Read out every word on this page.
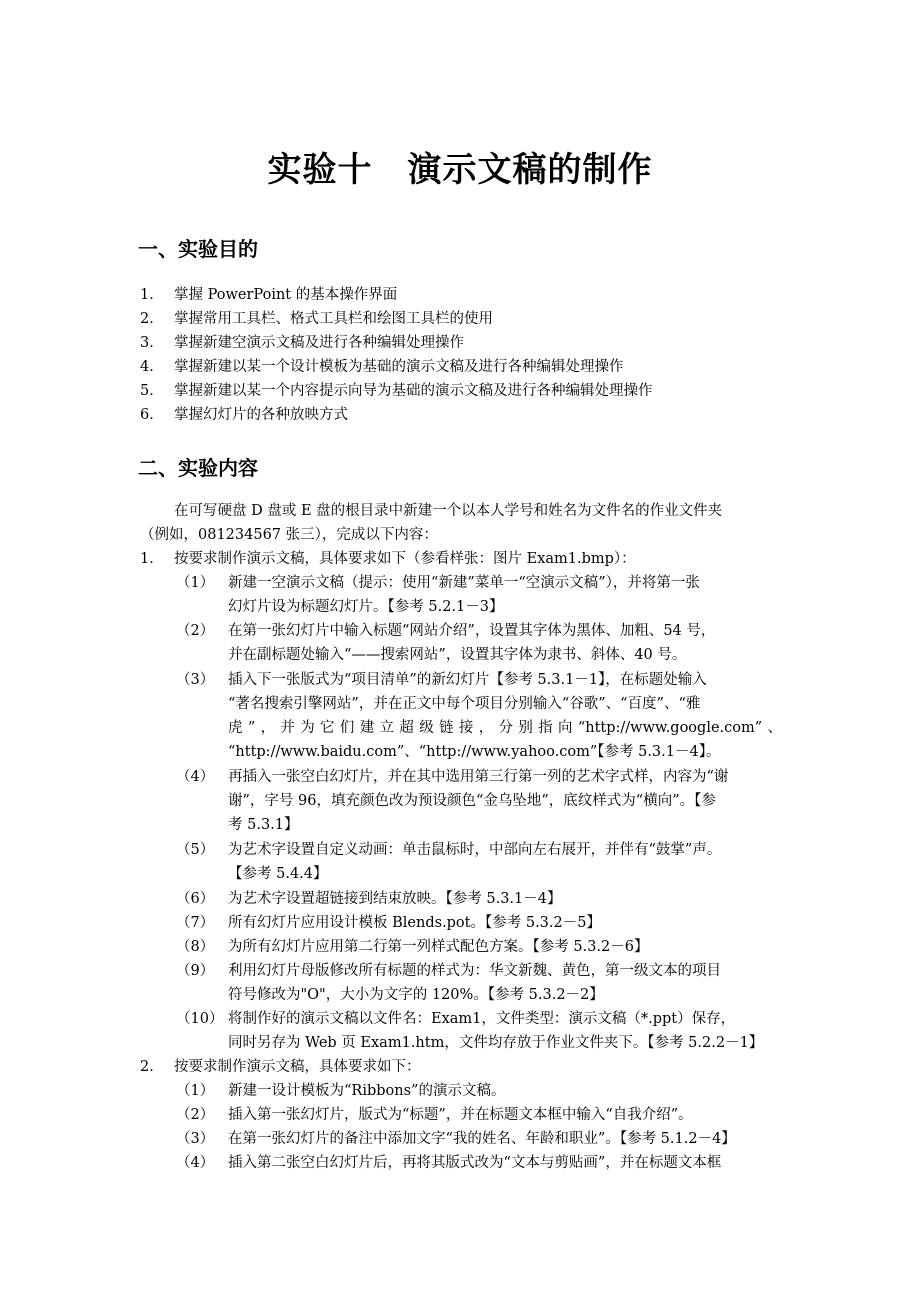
实验十　演示文稿的制作
一、实验目的
1． 掌握 PowerPoint 的基本操作界面
2． 掌握常用工具栏、格式工具栏和绘图工具栏的使用
3． 掌握新建空演示文稿及进行各种编辑处理操作
4． 掌握新建以某一个设计模板为基础的演示文稿及进行各种编辑处理操作
5． 掌握新建以某一个内容提示向导为基础的演示文稿及进行各种编辑处理操作
6． 掌握幻灯片的各种放映方式
二、实验内容
在可写硬盘 D 盘或 E 盘的根目录中新建一个以本人学号和姓名为文件名的作业文件夹
（例如，081234567 张三），完成以下内容：
1． 按要求制作演示文稿，具体要求如下（参看样张：图片 Exam1.bmp）：
（1） 新建一空演示文稿（提示：使用“新建”菜单一“空演示文稿”），并将第一张
幻灯片设为标题幻灯片。【参考 5.2.1－3】
（2） 在第一张幻灯片中输入标题“网站介绍”，设置其字体为黑体、加粗、54 号，
并在副标题处输入“——搜索网站”，设置其字体为隶书、斜体、40 号。
（3） 插入下一张版式为“项目清单”的新幻灯片【参考 5.3.1－1】，在标题处输入
“著名搜索引擎网站”，并在正文中每个项目分别输入“谷歌”、“百度”、“雅
虎”，并为它们建立超级链接，分别指向“http://www.google.com”、
“http://www.baidu.com”、“http://www.yahoo.com”【参考 5.3.1－4】。
（4） 再插入一张空白幻灯片，并在其中选用第三行第一列的艺术字式样，内容为“谢
谢”，字号 96，填充颜色改为预设颜色“金乌坠地”，底纹样式为“横向”。【参
考 5.3.1】
（5） 为艺术字设置自定义动画：单击鼠标时，中部向左右展开，并伴有“鼓掌”声。
【参考 5.4.4】
（6） 为艺术字设置超链接到结束放映。【参考 5.3.1－4】
（7） 所有幻灯片应用设计模板 Blends.pot。【参考 5.3.2－5】
（8） 为所有幻灯片应用第二行第一列样式配色方案。【参考 5.3.2－6】
（9） 利用幻灯片母版修改所有标题的样式为：华文新魏、黄色，第一级文本的项目
符号修改为"O"，大小为文字的 120%。【参考 5.3.2－2】
（10） 将制作好的演示文稿以文件名：Exam1，文件类型：演示文稿（*.ppt）保存，
同时另存为 Web 页 Exam1.htm，文件均存放于作业文件夹下。【参考 5.2.2－1】
2． 按要求制作演示文稿，具体要求如下：
（1） 新建一设计模板为“Ribbons”的演示文稿。
（2） 插入第一张幻灯片，版式为“标题”，并在标题文本框中输入“自我介绍”。
（3） 在第一张幻灯片的备注中添加文字“我的姓名、年龄和职业”。【参考 5.1.2－4】
（4） 插入第二张空白幻灯片后，再将其版式改为“文本与剪贴画”，并在标题文本框
